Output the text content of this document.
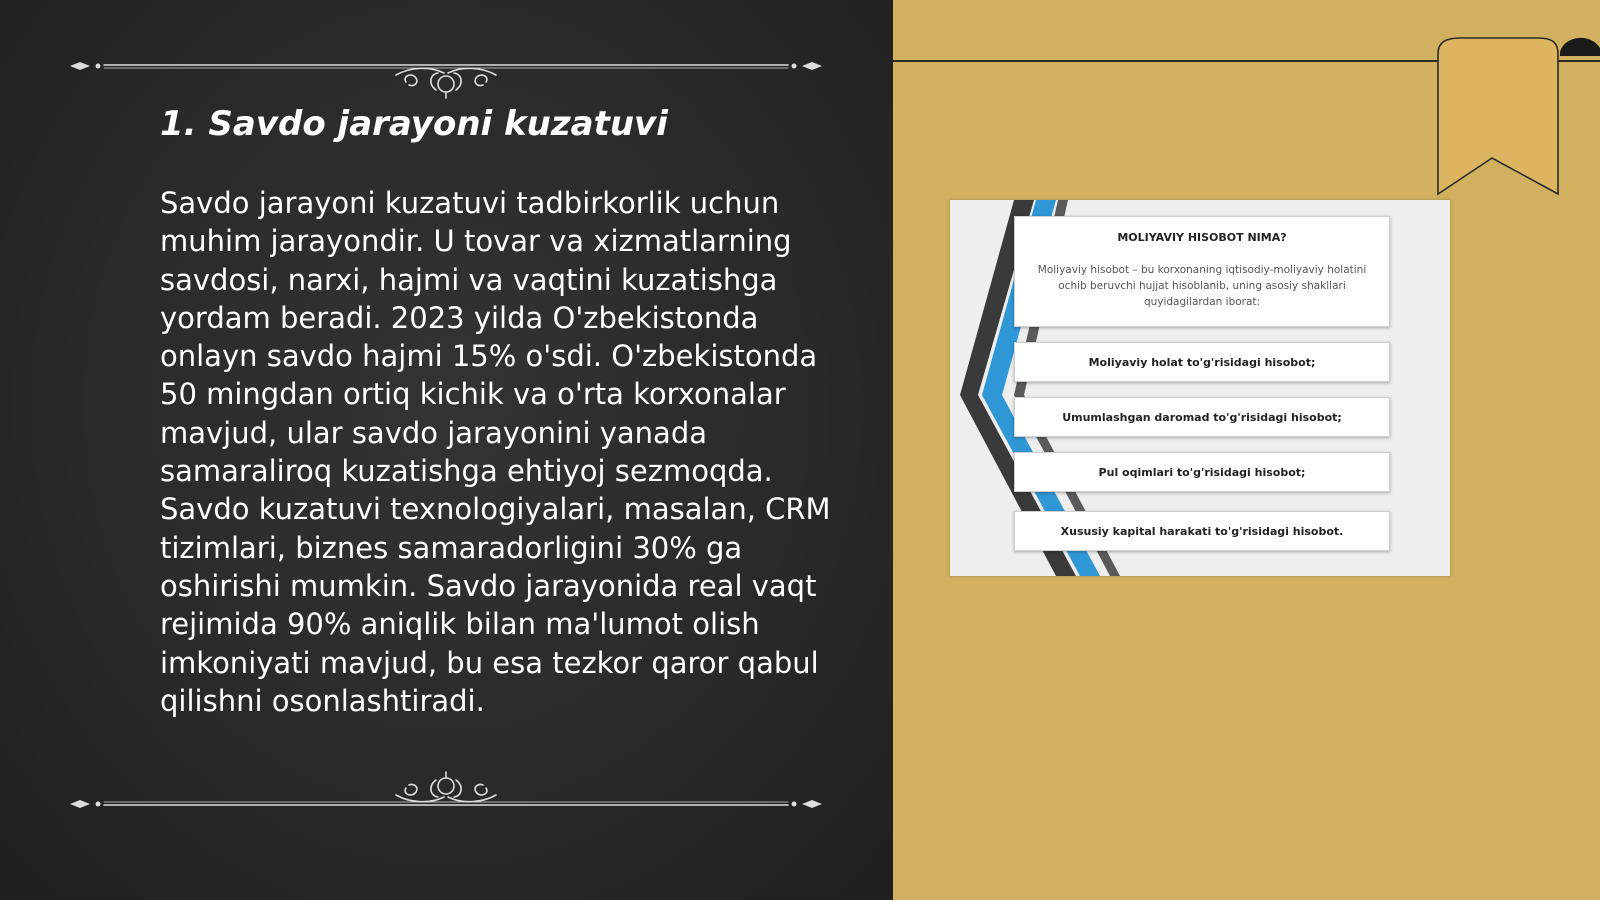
1. Savdo jarayoni kuzatuvi

Savdo jarayoni kuzatuvi tadbirkorlik uchun muhim jarayondir. U tovar va xizmatlarning savdosi, narxi, hajmi va vaqtini kuzatishga yordam beradi. 2023 yilda O'zbekistonda onlayn savdo hajmi 15% o'sdi. O'zbekistonda 50 mingdan ortiq kichik va o'rta korxonalar mavjud, ular savdo jarayonini yanada samaraliroq kuzatishga ehtiyoj sezmoqda. Savdo kuzatuvi texnologiyalari, masalan, CRM tizimlari, biznes samaradorligini 30% ga oshirishi mumkin. Savdo jarayonida real vaqt rejimida 90% aniqlik bilan ma'lumot olish imkoniyati mavjud, bu esa tezkor qaror qabul qilishni osonlashtiradi.

MOLIYAVIY HISOBOT NIMA?
Moliyaviy hisobot – bu korxonaning iqtisodiy-moliyaviy holatini ochib beruvchi hujjat hisoblanib, uning asosiy shakllari quyidagilardan iborat:
Moliyaviy holat to'g'risidagi hisobot;
Umumlashgan daromad to'g'risidagi hisobot;
Pul oqimlari to'g'risidagi hisobot;
Xususiy kapital harakati to'g'risidagi hisobot.
